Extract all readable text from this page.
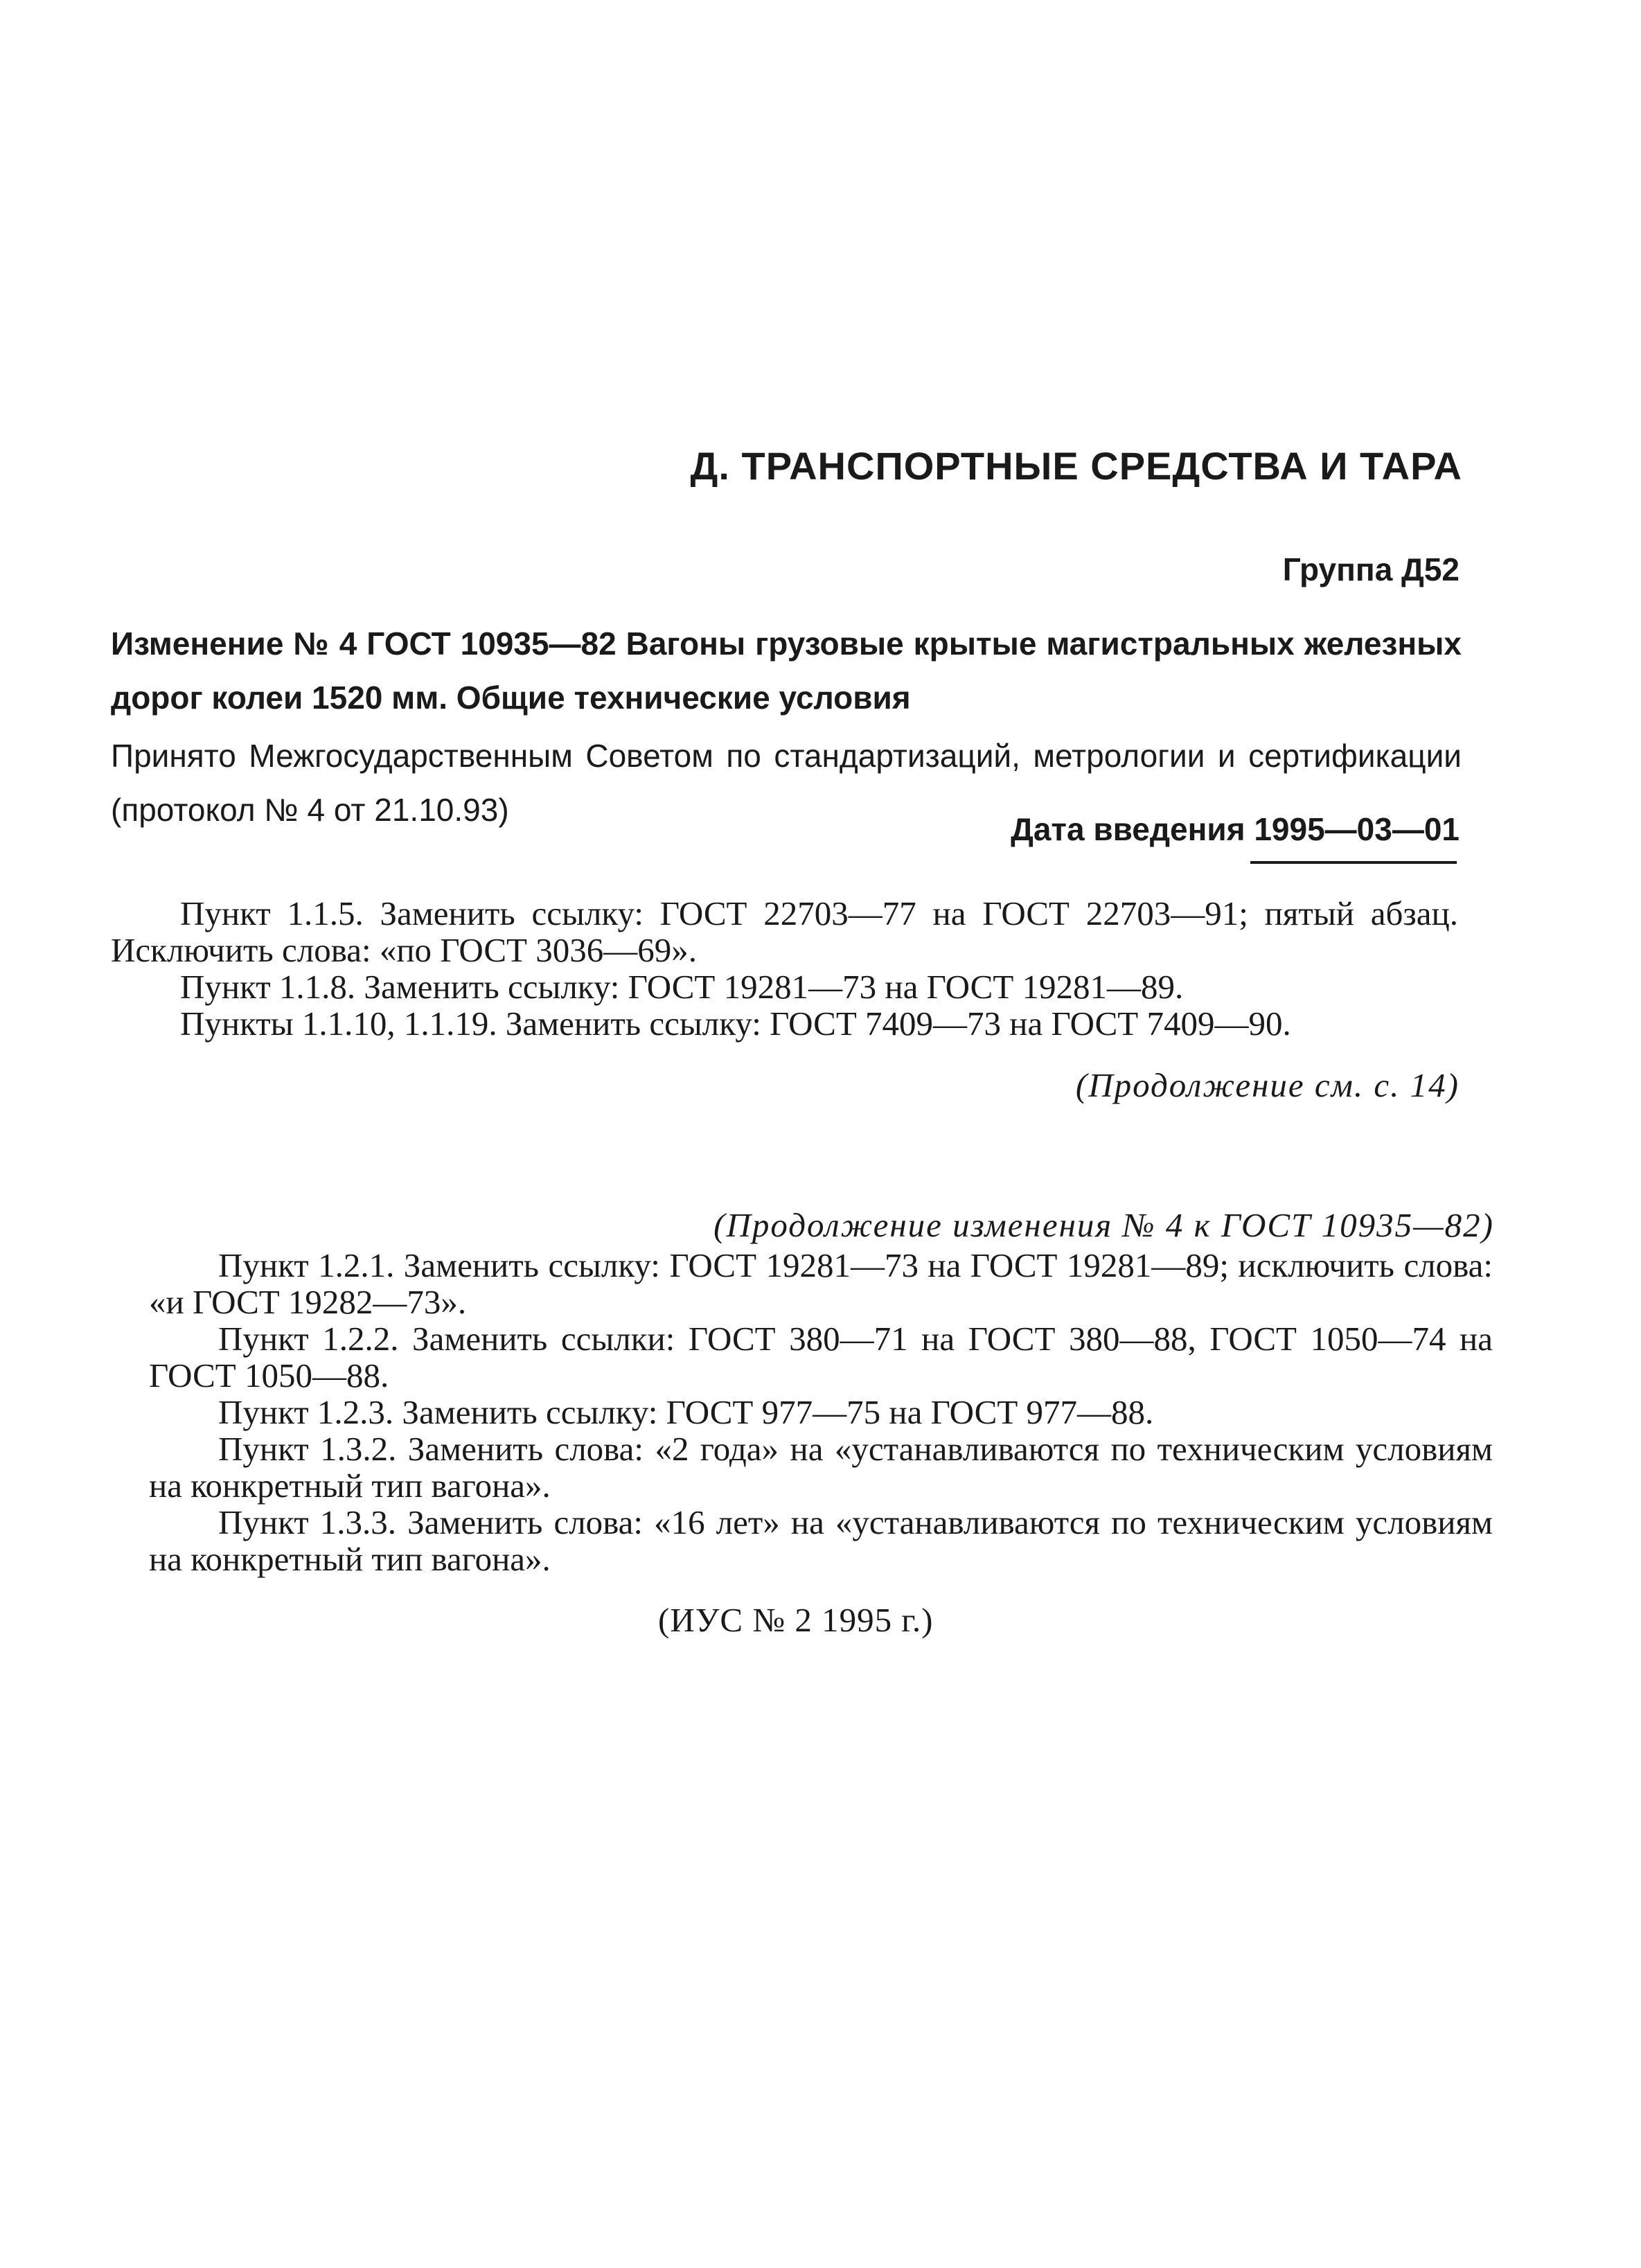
Д. ТРАНСПОРТНЫЕ СРЕДСТВА И ТАРА
Группа Д52
Изменение № 4 ГОСТ 10935—82 Вагоны грузовые крытые магистральных железных дорог колеи 1520 мм. Общие технические условия
Принято Межгосударственным Советом по стандартизаций, метрологии и сертификации (протокол № 4 от 21.10.93)
Дата введения 1995—03—01

Пункт 1.1.5. Заменить ссылку: ГОСТ 22703—77 на ГОСТ 22703—91; пятый абзац. Исключить слова: «по ГОСТ 3036—69».

Пункт 1.1.8. Заменить ссылку: ГОСТ 19281—73 на ГОСТ 19281—89.

Пункты 1.1.10, 1.1.19. Заменить ссылку: ГОСТ 7409—73 на ГОСТ 7409—90.

(Продолжение см. с. 14)
(Продолжение изменения № 4 к ГОСТ 10935—82)

Пункт 1.2.1. Заменить ссылку: ГОСТ 19281—73 на ГОСТ 19281—89; исключить слова: «и ГОСТ 19282—73».

Пункт 1.2.2. Заменить ссылки: ГОСТ 380—71 на ГОСТ 380—88, ГОСТ 1050—74 на ГОСТ 1050—88.

Пункт 1.2.3. Заменить ссылку: ГОСТ 977—75 на ГОСТ 977—88.

Пункт 1.3.2. Заменить слова: «2 года» на «устанавливаются по техническим условиям на конкретный тип вагона».

Пункт 1.3.3. Заменить слова: «16 лет» на «устанавливаются по техническим условиям на конкретный тип вагона».

(ИУС № 2 1995 г.)
